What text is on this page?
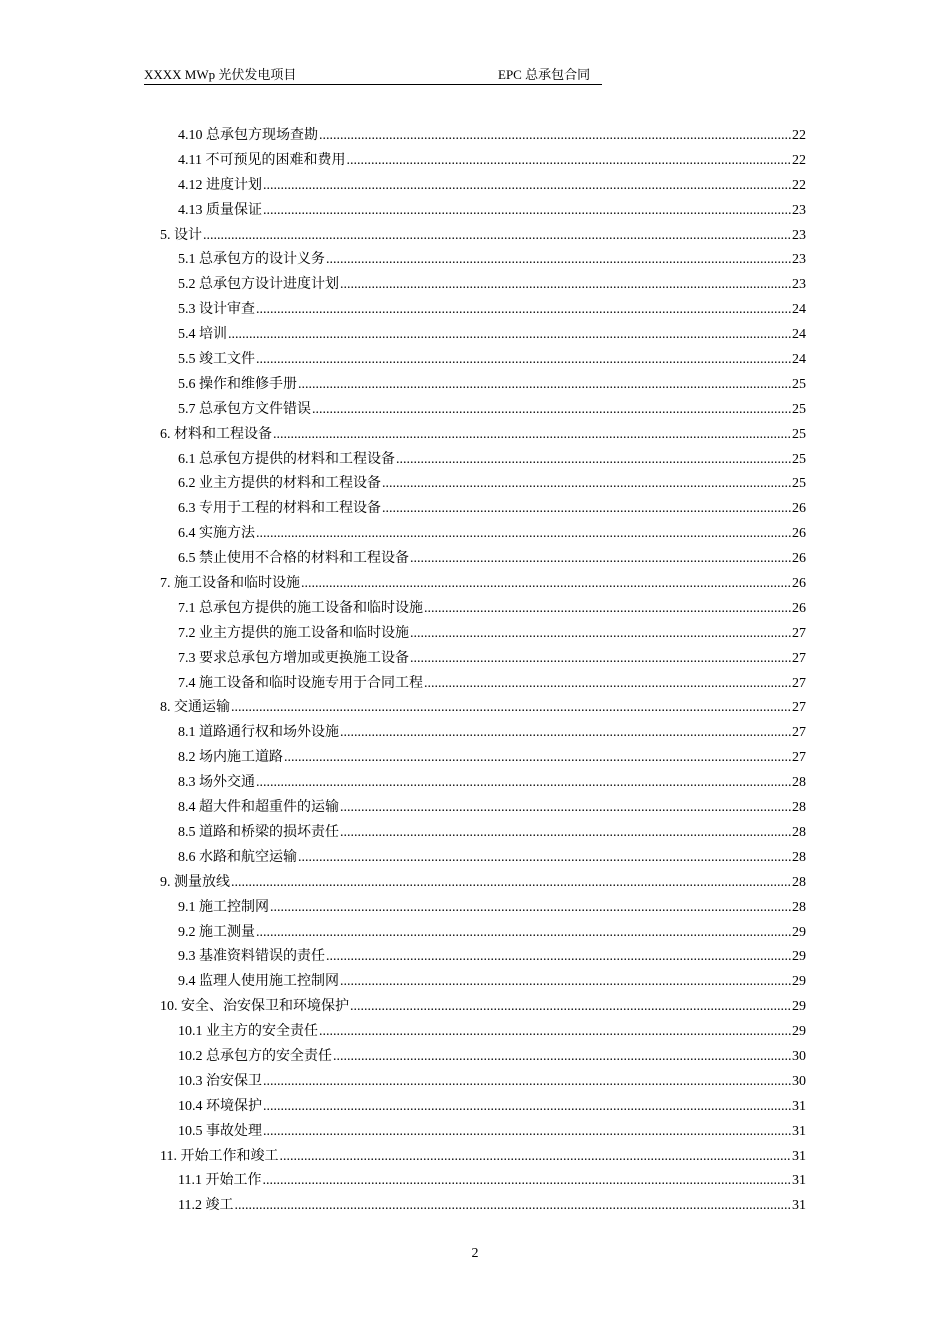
XXXX MWp 光伏发电项目	EPC 总承包合同
4.10 总承包方现场查勘 .....	22
4.11 不可预见的困难和费用 .....	22
4.12 进度计划 .....	22
4.13 质量保证 .....	23
5. 设计 .....	23
5.1 总承包方的设计义务 .....	23
5.2 总承包方设计进度计划 .....	23
5.3 设计审查 .....	24
5.4 培训 .....	24
5.5 竣工文件 .....	24
5.6 操作和维修手册 .....	25
5.7 总承包方文件错误 .....	25
6. 材料和工程设备 .....	25
6.1 总承包方提供的材料和工程设备 .....	25
6.2 业主方提供的材料和工程设备 .....	25
6.3 专用于工程的材料和工程设备 .....	26
6.4 实施方法 .....	26
6.5 禁止使用不合格的材料和工程设备 .....	26
7. 施工设备和临时设施 .....	26
7.1 总承包方提供的施工设备和临时设施 .....	26
7.2 业主方提供的施工设备和临时设施 .....	27
7.3 要求总承包方增加或更换施工设备 .....	27
7.4 施工设备和临时设施专用于合同工程 .....	27
8. 交通运输 .....	27
8.1 道路通行权和场外设施 .....	27
8.2 场内施工道路 .....	27
8.3 场外交通 .....	28
8.4 超大件和超重件的运输 .....	28
8.5 道路和桥梁的损坏责任 .....	28
8.6 水路和航空运输 .....	28
9. 测量放线 .....	28
9.1 施工控制网 .....	28
9.2 施工测量 .....	29
9.3 基准资料错误的责任 .....	29
9.4 监理人使用施工控制网 .....	29
10. 安全、治安保卫和环境保护 .....	29
10.1 业主方的安全责任 .....	29
10.2 总承包方的安全责任 .....	30
10.3 治安保卫 .....	30
10.4 环境保护 .....	31
10.5 事故处理 .....	31
11. 开始工作和竣工 .....	31
11.1 开始工作 .....	31
11.2 竣工 .....	31
2
